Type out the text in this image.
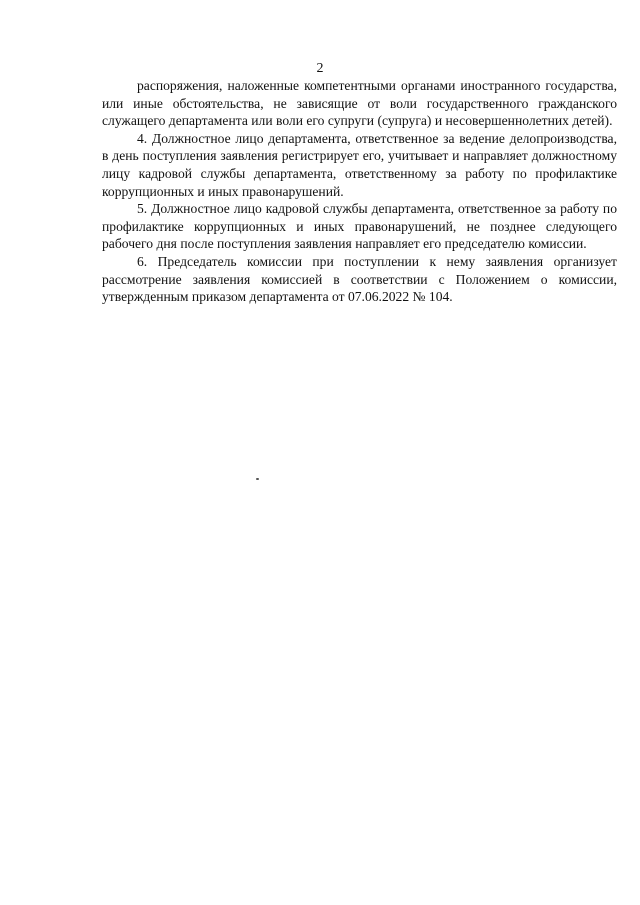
2

распоряжения, наложенные компетентными органами иностранного государства, или иные обстоятельства, не зависящие от воли государственного гражданского служащего департамента или воли его супруги (супруга) и несовершеннолетних детей).

4. Должностное лицо департамента, ответственное за ведение делопроизводства, в день поступления заявления регистрирует его, учитывает и направляет должностному лицу кадровой службы департамента, ответственному за работу по профилактике коррупционных и иных правонарушений.

5. Должностное лицо кадровой службы департамента, ответственное за работу по профилактике коррупционных и иных правонарушений, не позднее следующего рабочего дня после поступления заявления направляет его председателю комиссии.

6. Председатель комиссии при поступлении к нему заявления организует рассмотрение заявления комиссией в соответствии с Положением о комиссии, утвержденным приказом департамента от 07.06.2022 № 104.
